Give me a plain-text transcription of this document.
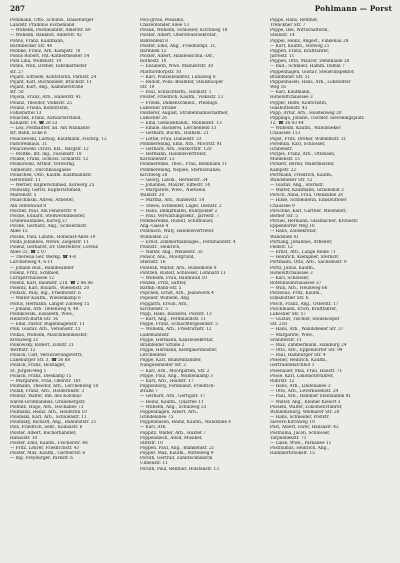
287	Pohlmann — Porst
Pohlmann, Otto, Schuhw., Raiseburger
Landstr. Pramhus Eschenland
— Wilhelm, Postbeamter, Adlerstr. 69
— Wilhelm, Bankbot, Adlerstr. 42
Pohns, Franz, Kaufmann,
Barmbecker Str. 44
Pohnke, Franz, Arb. Kampstr. 78
Pohns Robert, Pat.-Kätnermeister 14
Pohl Lina, Wolfenstr. 14
Pohns, Willi, Dreher, Fabrikarbeiter
str. 27
Pojant, Elfriede, Kontoristin, Parkstr. 24
Pojant, Karl, Buchbinder, Bruchstr. 11
Pojant, Kurt, Ang., Kammerstraße
str. 50
Pojoda, Franz, Arb., Hallerstr. 41
Polanz, Theodor, Volksstr. 25
Polanz, Frieda, Kontoristin,
Fuhlsbüttel 13
Polaczek, Franz, Aufwärterstand,
Kanalstr. 14, ☎ 28 53
— Lea, Posthalfter, ad. Am Wallkante
str. Bahn, Ecke 6
Polaczewski, Ludwig, Kaufmann, Fischrg. 12
Pastorenhaus. 11
Polaczewski Ulrich, Kfz., Burgstr. 12
— Moltke, Int. ing., Fossenstr. 18
Polake, Franz, Schloss. Schlafstr. 12
Polakowski, Arthur, Vorwerkg.
Tannenstr., Durchhausgasse
Polaschek, Otto, Kaufm. Kaufmannstr.
Gerstenstr. 11
— Werner, Kupferschmied, Korwerg 25
Polawsky, Gerrit, Kupferschmied,
Marienstr. 5
Polaschinski, Alfred, Arbeiter,
Am Tentenwall 9
Polcher, Paul, Am Fensterstr. 9
Polcke, Eduard, Stellwerksmeister,
Grünewaldallee, Korwg 27
Polcke, Gerhard, Ang., Schwerinstr.
Allee 15
Polcke, Paul, Landw., Hohelust-Allee 19
Polda Johannes, Witwe, Ziegelstr. 11
Polenz, Gerhardt, Dr. Oberlehrer, Lorenz
Allee 33, ☎ 2 07
— Theresia Ger. Werkg. ☎ 4-8
Lärchenweg 4, 6-11
— Johann Rud., Bahnbeamter
Polenz, Fritz, Schmied,
Luruperchaussee 12
Polenz, Karl, Baumstr. 218, ☎ 2 86 88
Polentz, Karl, Bauarb., Wiesenstr. 20
Polfack, Paul, Ing., Friedhofstr. 6
— Walter Kaufm., Wiesenkamp 6
Polfus, Hermann, Langer Zollweg 15
— Johann, Arb. Tiefenweg 4, 48
Polinkowski, Elisabeth, Wwe.,
Heinrich-Barth-Str. 16
— Emil, Pastor, Bugenhagenstr. 11
Polk, Gustav, Arb., Vereinsstr. 15
Polkas, Wilhelm, Maschinenmeister,
Kreuzweg 31
Polkowsky, Robert, Zollstr. 21
Werftstr. 12
Pollack, Carl, Versicherungsvertr.,
Lüneburger Str. 3, ☎ 56 88
Pollack, Franz, Holzlager,
St. Jürgen-Weg 1
Pollack, Franz, Dieskamp 15
— Margarete, Frau, Oberstr. 181
Pollmann, Theodor, Arb., Lerchenweg 18
Pollak, Franz, Arb., Hölderlinstr. 3
Pollenz, Walter, Inh. des Kolonial-
waren-Großhandels, Grünebergstr.
Pollnitz, Hugo, Arb., Hochallee 73
Pollmann, Heinz, Arb., Hölderlin 10
Polomski, Karl, Arb., Schulenstr. 11
Polomsky, Richard, Ang., Bahnhofstr. 21
Pols, Friedrich, Sekr., Kollaustr. 6
Polster, Albert, Bücherhändler,
Hansastr. 10
Polster, Emil, Kaufm., Fischerstr. 48
— Fritz, Lehrer, Friedrichstr. 43
Polster, Max, Kaufm., Gärtnerstr. 6
— Ing. Freyburger, Parkstr. 6
Pols-gross, Pessamo,
Charentonder Allee 13
Polsak, Wilhelm, Schlosser, Kirchweg 18
Polster, Albert, Obersteuersekretär,
Bahrenfeld 8
Polster, Emil, Ang., Friedhofspl. 11,
Barmbek 12
Polster, Albert, Handelsschul.-Dir.,
Rothestr. 10
— Elisabeth, Wwe. Mainzerstr. 30
Marmordorpstr. 10
— Karl, Polizeibeamter, Lunaweg 8
— Rudolf, Poliz.-Beamter, Steilshooper
Str. 19
— Paul, Schlachterm., Heimstr. 1
Polster, Friedrich, Kaufm., Volksstr. 13
— Frieda, Damenschneid., Pfennigs.
Lübecker Straße
Polsterer, August, Straßenbahnschaffner,
Lübecker 26
— Emil, Gemüsehändl., Mühlenstr. 13
— Emilie, Bäckerei, Lerchenfeld 13
— Gerhard, Buchh., Rathsm. 21
— Lottie, Frau, Danielstr. 33
Pommerening, Emil, Arb., Moorstr. 91
— Gerhard, Arb., Harkortstr. 120
— Hermann, Handelsvertreter,
Karolinenstr. 13
Pommerenke, Theo., Frau, Rennbahn 11
Pommerening, Nepole, Sternschanze,
Kirchweg 28
— Georg, Lawm., Herderstr. 34
— Johannes, Maurer, Eiffestr. 14
— Margarete, Wwe., Nietwein
Waldstr. 20
— Martha, Arb., Ruhlerstr. 14
— Tewes, Schneider, Lager, Dienstr. 2
— Hans, Dampfhafen, Ruhrpolder 2
— Paul, Verwaltungssekr., Jarrestr. 7
Pommerenke, Rudolf, Schiffbauer,
Ang.-Gasse 4
Ponbusch, Willy, Handelsvertreter,
Willhöden 22
— Ernst, Zimmermannsges., Ferdinandstr. 4
Ponnstr., Heinrich,
— Walter, Ang., Wendestr. 35
Ponsor, Ans., Moorgrund,
Sternstr. 16
Pontezk, Walter, Arb., Budenhöhe 9
Pontzen, Rudolf, Schlosser, Lombard 11
— Wilhelm, Frau, Baumwall 10
Ponzke, Fritz, Sattler,
Barmb.-Bahn-Str. 5
Popchen, Ernst, Arb., Jeanswerk 4
Popelier, Wilhelm, Ang.
Popgarrn, Erwin, Arb.,
Kirchenstr. 5
Popp, Hans, Bäckerei, Poststr. 13
— Kurt, Ang., Ferdinandstr. 11
Poppe, Franz, Schlachtergesellstr. 5
— Wilhelm, Arb., Friedrichstr. 12
Lüdemannstr.
Poppe, Hermann, Kanzleisekretär,
Bramfelder Straße 2
Poppe, Hermann, Klempnermeister,
Lerchenfeld
Poppe, Karl, Blumenhändler,
Nanguesnelder Str. 2
— Karl, Arb., Moorgarten, Str. 2
Poppe, Paul, Ang., Mühlenkamp 3
— Kurt, Arb., Heidstr. 17
Poppenborg, Ferdinand, Friedrich-
straße 7
— Gerhard, Arb., Gertigstr. 17
— Heinz, Kaufm., Quarree 11
— Wilhelm, Ang., Schulweg 33
Poppenhagen, Albert, Arb.,
Grindelallee 75
Poppenhusen, Heinz, Kaufm., Wandsbek 4
— Karl, Arb.
Poppitz, Walter, Arb., Hüxter 7
Poppendieck, Adolf, Musiker,
Stiftstr. 10
Poppen, Paul, Ang., Blankenstr. 21
Popper, Max, Kaufm., Mittelweg 9
Porath, Gertrud, Zahntechnikerin
Ulmenstr. 11
Porath, Paul, Rentner, Holstenstr. 13
Poppe, Hans, Rentner,
Trenckner Str. 7
Poppe, Ilse, Wirtschafterin,
Steinstr. 14
Poppel, Heinz, Angest., Finkenau 28
— Kurt, Kaufm., Hofweg 21
Poppen, Franz, Kraftfahrer,
Jarrestr. 11
Poppen, Otto, Maurer, Dehnhaide 28
— Rud., Schmied, Hamm. Damm 7
Poppenhagen, Gustav, Steuerinspektor,
Bramfelder Str. 51
Poppenhusen, Hans, Arb., Lokstedter
Weg 16
— Karl, Kaufmann,
Hoheluftchaussee 3
Popper, Hilde, Kontoristin,
Glashüttenstr. 43
Popp, Artur, Arb., Holstenweg 20
Poppinga, Johann, Tischler, Sievekingsplatz
12, ☎ 36 93 44
— Wilhelm, Kaufm., Wandsbeker
Chaussee 113
Popst, Fritz, Dreher, Wilhelmstr. 31
Poremba, Karl, Schlosser,
Grabenstr.
Porges, Franz, Arb., Ottensen,
Mühlenstr. 15
Porkert, Bernd, Malermeister,
Kampstr. 22
Porrmann, Friedrich, Kaufm.,
Wandsbeker Str. 12
— Gustav, Ang., Sternstr.
— Walter, Kaufmann, Grindelhof 2
Porsch, Anna, Frau, Ofenkuhle 28
— Hilde, Schneiderin, Eimsbütteler
Chaussee 9
Porschke, Karl, Gärtner, Meiendorf,
Berner Str. 5
Porsiel, Hermann, Glasmacher, Kronestr.
Eppendorfer Weg 10
— Hans, Zollsekretär,
Wandsbek 41
Portlang, Johannes, Arbeiter,
Feldstr. 12
— Ernst, Arb., Lange Reihe 71
— Heinrich, Klempner, Sternstr.
Portmann, Otto, Arb., Sachsenstr. 9
Portz, Julius, Kaufm.,
Hoheluftchaussee 3
— Karl, Schlosser,
Rotenbaumchaussee 37
— Willi, Arb., Heußweg 66
Porzelius, Fritz, Kaufm.,
Eimsbüttler Str. 6
Posch, Franz, Ang., Osterstr. 17
Poschmann, Erich, Kraftfahrer,
Lübecker Str. 57
— Gustav, Tischler, Steilshooper
Str. 218
— Hans, Arb., Wandsbeker Str. 37
— Margarete, Wwe.,
Schlüterstr. 11
— Max, Zimmermann, Hamburg 24
— Otto, Arb., Eppendorfer Str. 99
— Paul, Hamburger Str. 4
Posener, Heinrich, Kaufm.,
Gertrudenkirchhof 1
Posenauer, Max, Frau, Haustr. 71
Posse, Karl, Lokomotivführer,
Ruhrstr. 12
— Hans, Arb., Lindenallee 3
— Otto, Arb., Leverkusenstr. 24
— Paul, Arb., Hammer Steindamm 91
— Walter, Ang., Kleiner Kielort 3
Possehl, Walter, Lokomotivführer,
Wilhelmsburg, Weimarer Str. 20
— Hans, Schneider, Poststr.
Sievers-Kirchweg 19
Post, Albert, Ewer, Hansastr. 42
Posthuma, Jacob, Schlosser,
Tarpenbekstr. 71
— Luise, Wwe., Parkallee 11
Posthumus, Heinrich, Ang.,
Hammerbrookstr. 15
